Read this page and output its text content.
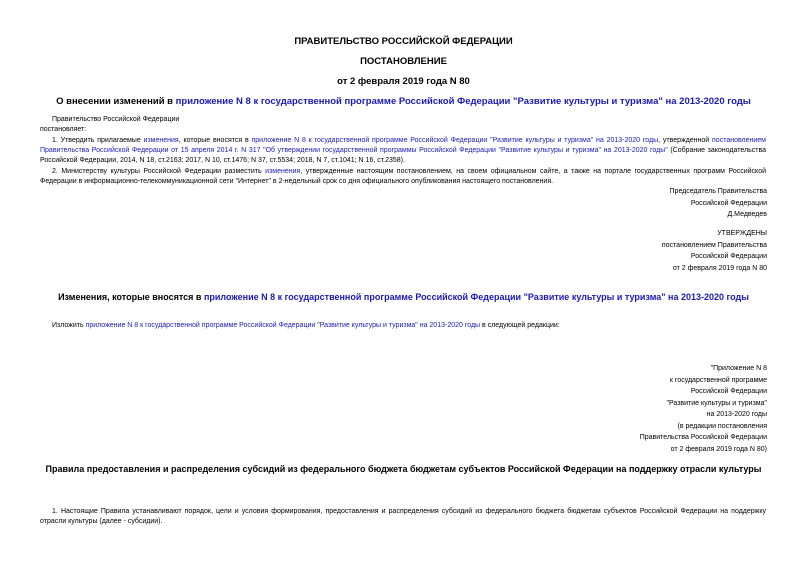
ПРАВИТЕЛЬСТВО РОССИЙСКОЙ ФЕДЕРАЦИИ
ПОСТАНОВЛЕНИЕ
от 2 февраля 2019 года N 80
О внесении изменений в приложение N 8 к государственной программе Российской Федерации "Развитие культуры и туризма" на 2013-2020 годы
Правительство Российской Федерации
постановляет:
1. Утвердить прилагаемые изменения, которые вносятся в приложение N 8 к государственной программе Российской Федерации "Развитие культуры и туризма" на 2013-2020 годы, утвержденной постановлением Правительства Российской Федерации от 15 апреля 2014 г. N 317 "Об утверждении государственной программы Российской Федерации "Развитие культуры и туризма" на 2013-2020 годы" (Собрание законодательства Российской Федерации, 2014, N 18, ст.2163; 2017, N 10, ст.1476; N 37, ст.5534; 2018, N 7, ст.1041; N 16, ст.2358).
2. Министерству культуры Российской Федерации разместить изменения, утвержденные настоящим постановлением, на своем официальном сайте, а также на портале государственных программ Российской Федерации в информационно-телекоммуникационной сети "Интернет" в 2-недельный срок со дня официального опубликования настоящего постановления.
Председатель Правительства
Российской Федерации
Д.Медведев
УТВЕРЖДЕНЫ
постановлением Правительства
Российской Федерации
от 2 февраля 2019 года N 80
Изменения, которые вносятся в приложение N 8 к государственной программе Российской Федерации "Развитие культуры и туризма" на 2013-2020 годы
Изложить приложение N 8 к государственной программе Российской Федерации "Развитие культуры и туризма" на 2013-2020 годы в следующей редакции:
"Приложение N 8
к государственной программе
Российской Федерации
"Развитие культуры и туризма"
на 2013-2020 годы
(в редакции постановления
Правительства Российской Федерации
от 2 февраля 2019 года N 80)
Правила предоставления и распределения субсидий из федерального бюджета бюджетам субъектов Российской Федерации на поддержку отрасли культуры
1. Настоящие Правила устанавливают порядок, цели и условия формирования, предоставления и распределения субсидий из федерального бюджета бюджетам субъектов Российской Федерации на поддержку отрасли культуры (далее - субсидии).
